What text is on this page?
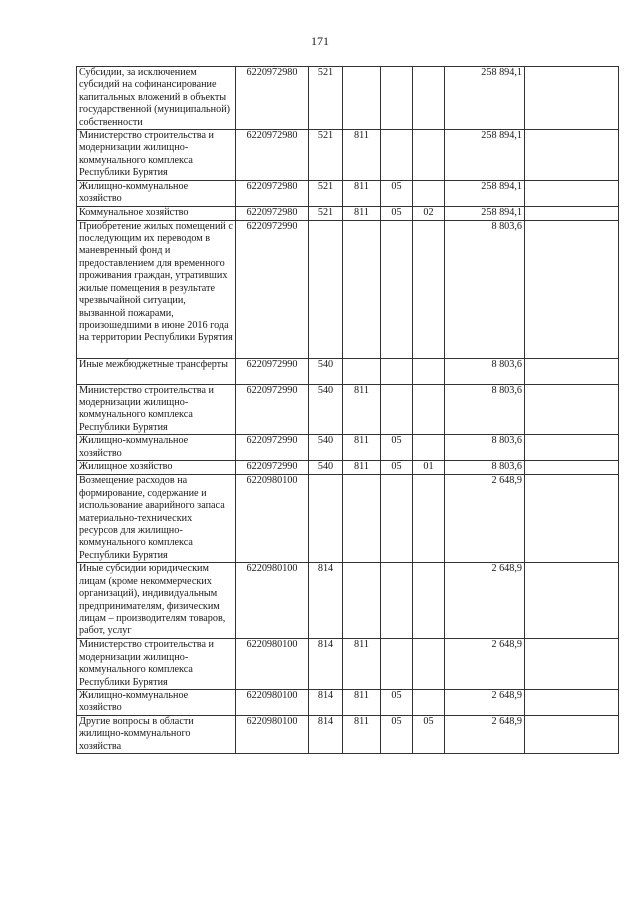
171
Субсидии, за исключением субсидий на софинансирование капитальных вложений в объекты государственной (муниципальной) собственности	6220972980	521				258 894,1	
Министерство строительства и модернизации жилищно-коммунального комплекса Республики Бурятия	6220972980	521	811			258 894,1	
Жилищно-коммунальное хозяйство	6220972980	521	811	05		258 894,1	
Коммунальное хозяйство	6220972980	521	811	05	02	258 894,1	
Приобретение жилых помещений с последующим их переводом в маневренный фонд и предоставлением для временного проживания граждан, утративших жилые помещения в результате чрезвычайной ситуации, вызванной пожарами, произошедшими в июне 2016 года на территории Республики Бурятия	6220972990					8 803,6	
Иные межбюджетные трансферты	6220972990	540				8 803,6	
Министерство строительства и модернизации жилищно-коммунального комплекса Республики Бурятия	6220972990	540	811			8 803,6	
Жилищно-коммунальное хозяйство	6220972990	540	811	05		8 803,6	
Жилищное хозяйство	6220972990	540	811	05	01	8 803,6	
Возмещение расходов на формирование, содержание и использование аварийного запаса материально-технических ресурсов для жилищно-коммунального комплекса Республики Бурятия	6220980100					2 648,9	
Иные субсидии юридическим лицам (кроме некоммерческих организаций), индивидуальным предпринимателям, физическим лицам – производителям товаров, работ, услуг	6220980100	814				2 648,9	
Министерство строительства и модернизации жилищно-коммунального комплекса Республики Бурятия	6220980100	814	811			2 648,9	
Жилищно-коммунальное хозяйство	6220980100	814	811	05		2 648,9	
Другие вопросы в области жилищно-коммунального хозяйства	6220980100	814	811	05	05	2 648,9	
